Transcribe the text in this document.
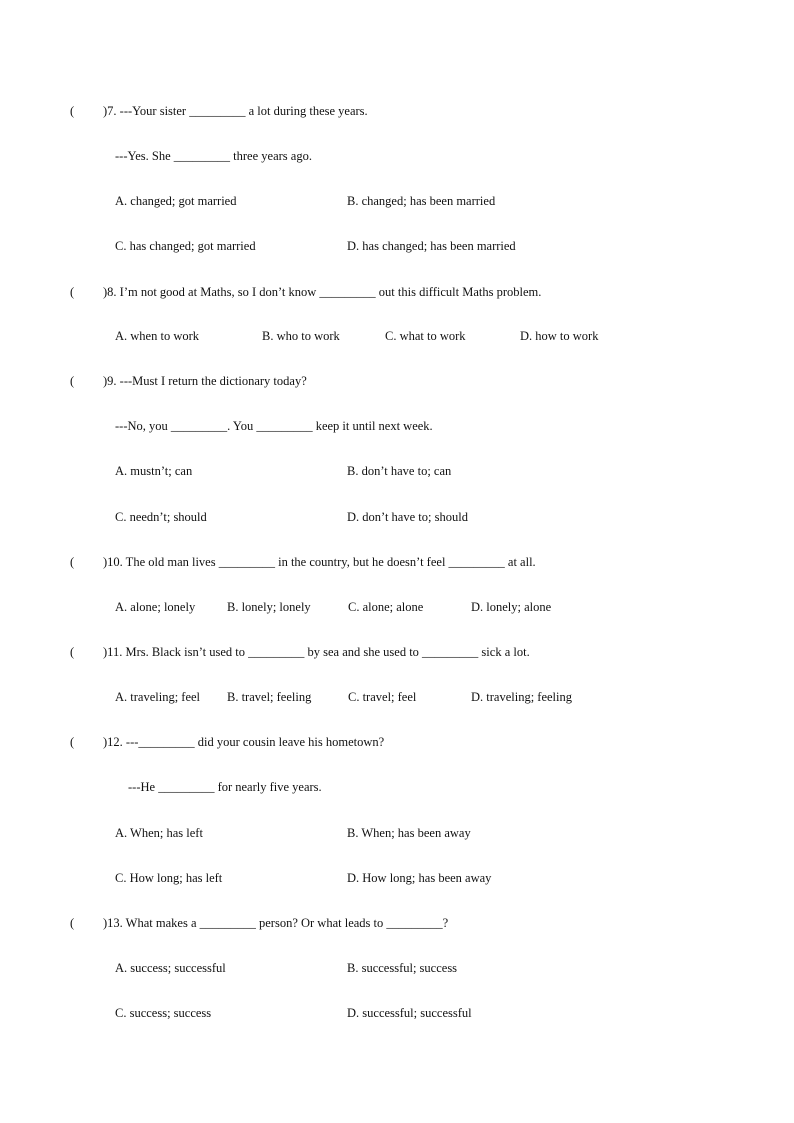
( )7. ---Your sister _________ a lot during these years.
---Yes. She _________ three years ago.
A. changed; got married	B. changed; has been married
C. has changed; got married	D. has changed; has been married
( )8. I’m not good at Maths, so I don’t know _________ out this difficult Maths problem.
A. when to work	B. who to work	C. what to work	D. how to work
( )9. ---Must I return the dictionary today?
---No, you _________. You _________ keep it until next week.
A. mustn’t; can	B. don’t have to; can
C. needn’t; should	D. don’t have to; should
( )10. The old man lives _________ in the country, but he doesn’t feel _________ at all.
A. alone; lonely	B. lonely; lonely	C. alone; alone	D. lonely; alone
( )11. Mrs. Black isn’t used to _________ by sea and she used to _________ sick a lot.
A. traveling; feel B. travel; feeling	C. travel; feel	D. traveling; feeling
( )12. ---_________ did your cousin leave his hometown?
---He _________ for nearly five years.
A. When; has left	B. When; has been away
C. How long; has left	D. How long; has been away
( )13. What makes a _________ person? Or what leads to _________?
A. success; successful	B. successful; success
C. success; success	D. successful; successful
